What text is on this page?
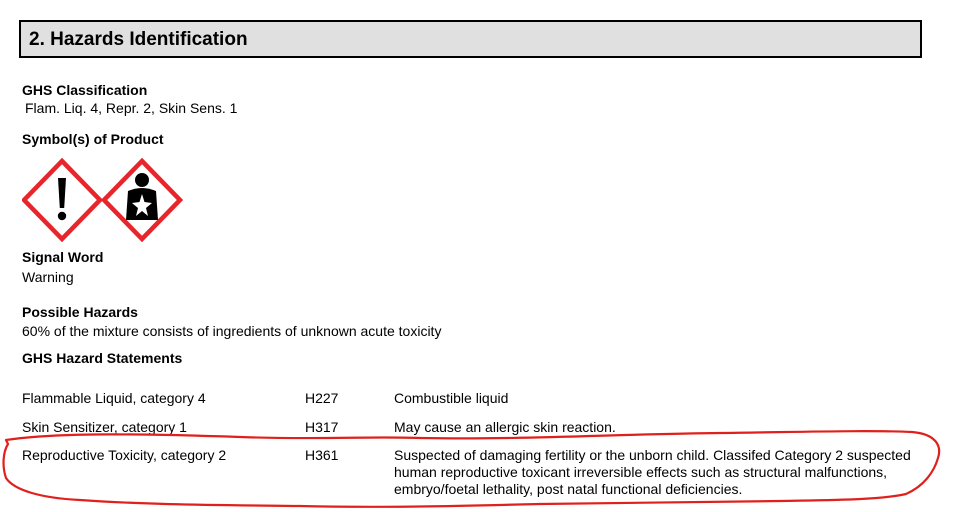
2. Hazards Identification
GHS Classification
Flam. Liq. 4, Repr. 2, Skin Sens. 1
Symbol(s) of Product
Signal Word
Warning
Possible Hazards
60% of the mixture consists of ingredients of unknown acute toxicity
GHS Hazard Statements
Flammable Liquid, category 4	H227	Combustible liquid
Skin Sensitizer, category 1	H317	May cause an allergic skin reaction.
Reproductive Toxicity, category 2	H361	Suspected of damaging fertility or the unborn child. Classifed Category 2 suspected human reproductive toxicant irreversible effects such as structural malfunctions, embryo/foetal lethality, post natal functional deficiencies.
